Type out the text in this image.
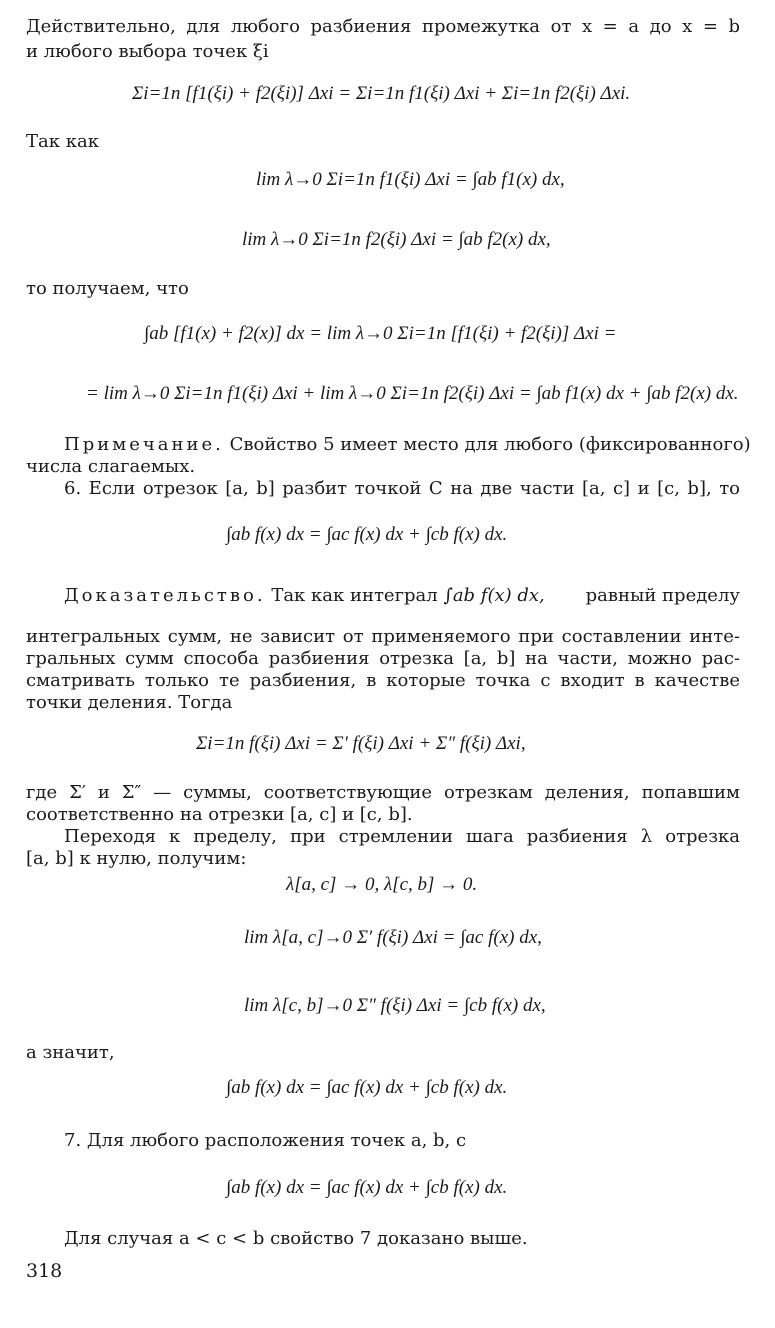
Действительно, для любого разбиения промежутка от x = a до x = b
и любого выбора точек ξi
Σi=1n [f1(ξi) + f2(ξi)] Δxi = Σi=1n f1(ξi) Δxi + Σi=1n f2(ξi) Δxi.
Так как
lim λ→0 Σi=1n f1(ξi) Δxi = ∫ab f1(x) dx,
lim λ→0 Σi=1n f2(ξi) Δxi = ∫ab f2(x) dx,
то получаем, что
∫ab [f1(x) + f2(x)] dx = lim λ→0 Σi=1n [f1(ξi) + f2(ξi)] Δxi =
= lim λ→0 Σi=1n f1(ξi) Δxi + lim λ→0 Σi=1n f2(ξi) Δxi = ∫ab f1(x) dx + ∫ab f2(x) dx.
Примечание. Свойство 5 имеет место для любого (фиксированного)
числа слагаемых.
6. Если отрезок [a, b] разбит точкой C на две части [a, c] и [c, b], то
∫ab f(x) dx = ∫ac f(x) dx + ∫cb f(x) dx.
Доказательство. Так как интеграл ∫ab f(x) dx, равный пределу
интегральных сумм, не зависит от применяемого при составлении инте-
гральных сумм способа разбиения отрезка [a, b] на части, можно рас-
сматривать только те разбиения, в которые точка c входит в качестве
точки деления. Тогда
Σi=1n f(ξi) Δxi = Σ′ f(ξi) Δxi + Σ″ f(ξi) Δxi,
где Σ′ и Σ″ — суммы, соответствующие отрезкам деления, попавшим
соответственно на отрезки [a, c] и [c, b].
Переходя к пределу, при стремлении шага разбиения λ отрезка
[a, b] к нулю, получим:
λ[a, c] → 0, λ[c, b] → 0.
lim λ[a, c]→0 Σ′ f(ξi) Δxi = ∫ac f(x) dx,
lim λ[c, b]→0 Σ″ f(ξi) Δxi = ∫cb f(x) dx,
а значит,
∫ab f(x) dx = ∫ac f(x) dx + ∫cb f(x) dx.
7. Для любого расположения точек a, b, c
∫ab f(x) dx = ∫ac f(x) dx + ∫cb f(x) dx.
Для случая a < c < b свойство 7 доказано выше.
318
